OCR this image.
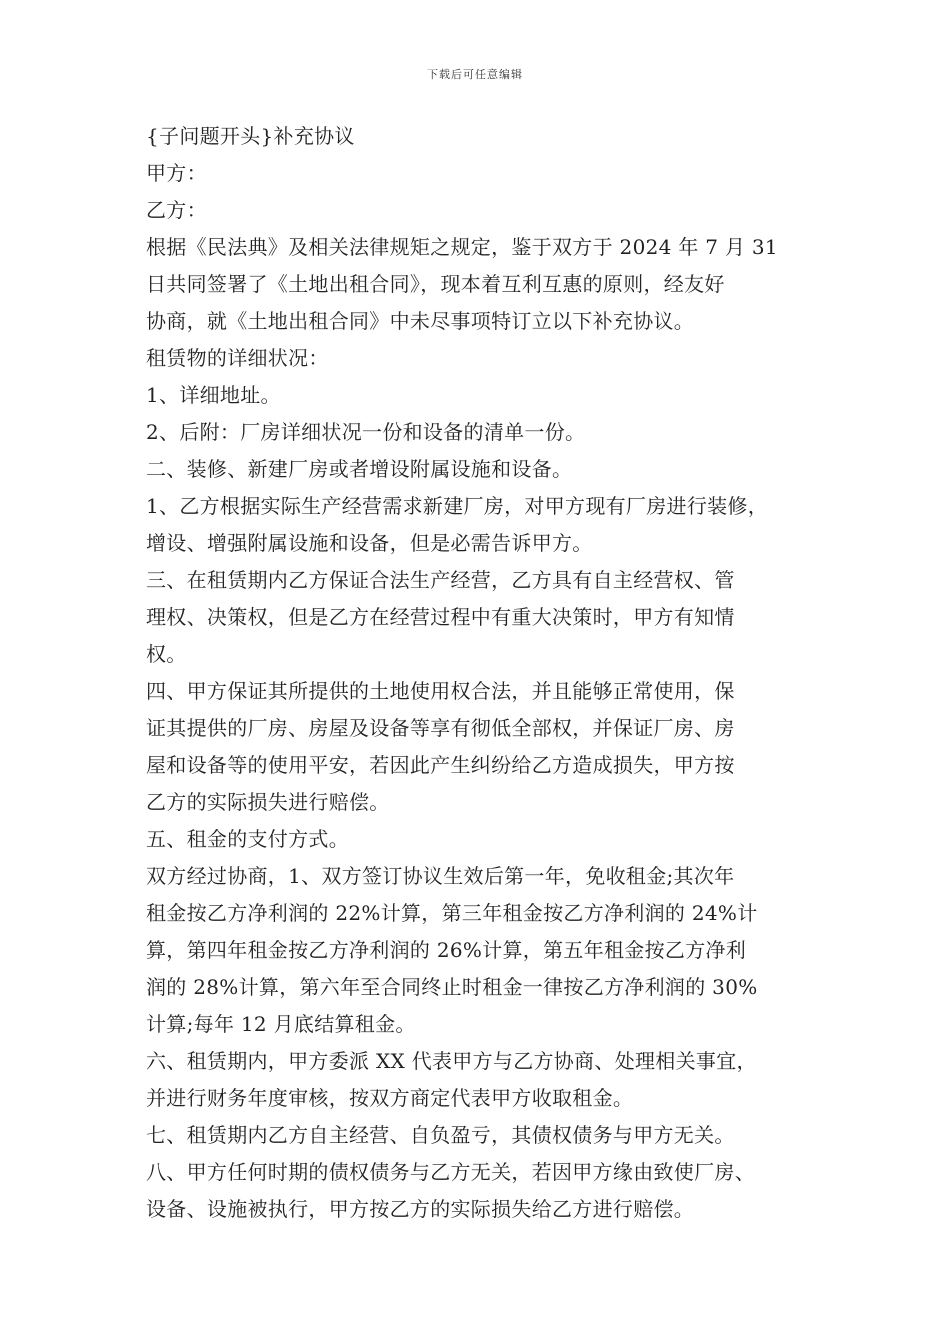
下载后可任意编辑
{子问题开头}补充协议
甲方：
乙方：
根据《民法典》及相关法律规矩之规定，鉴于双方于 2024 年 7 月 31
日共同签署了《土地出租合同》，现本着互利互惠的原则，经友好
协商，就《土地出租合同》中未尽事项特订立以下补充协议。
租赁物的详细状况：
1、详细地址。
2、后附：厂房详细状况一份和设备的清单一份。
二、装修、新建厂房或者增设附属设施和设备。
1、乙方根据实际生产经营需求新建厂房，对甲方现有厂房进行装修，
增设、增强附属设施和设备，但是必需告诉甲方。
三、在租赁期内乙方保证合法生产经营，乙方具有自主经营权、管
理权、决策权，但是乙方在经营过程中有重大决策时，甲方有知情
权。
四、甲方保证其所提供的土地使用权合法，并且能够正常使用，保
证其提供的厂房、房屋及设备等享有彻低全部权，并保证厂房、房
屋和设备等的使用平安，若因此产生纠纷给乙方造成损失，甲方按
乙方的实际损失进行赔偿。
五、租金的支付方式。
双方经过协商，1、双方签订协议生效后第一年，免收租金;其次年
租金按乙方净利润的 22%计算，第三年租金按乙方净利润的 24%计
算，第四年租金按乙方净利润的 26%计算，第五年租金按乙方净利
润的 28%计算，第六年至合同终止时租金一律按乙方净利润的 30%
计算;每年 12 月底结算租金。
六、租赁期内，甲方委派 XX 代表甲方与乙方协商、处理相关事宜，
并进行财务年度审核，按双方商定代表甲方收取租金。
七、租赁期内乙方自主经营、自负盈亏，其债权债务与甲方无关。
八、甲方任何时期的债权债务与乙方无关，若因甲方缘由致使厂房、
设备、设施被执行，甲方按乙方的实际损失给乙方进行赔偿。
